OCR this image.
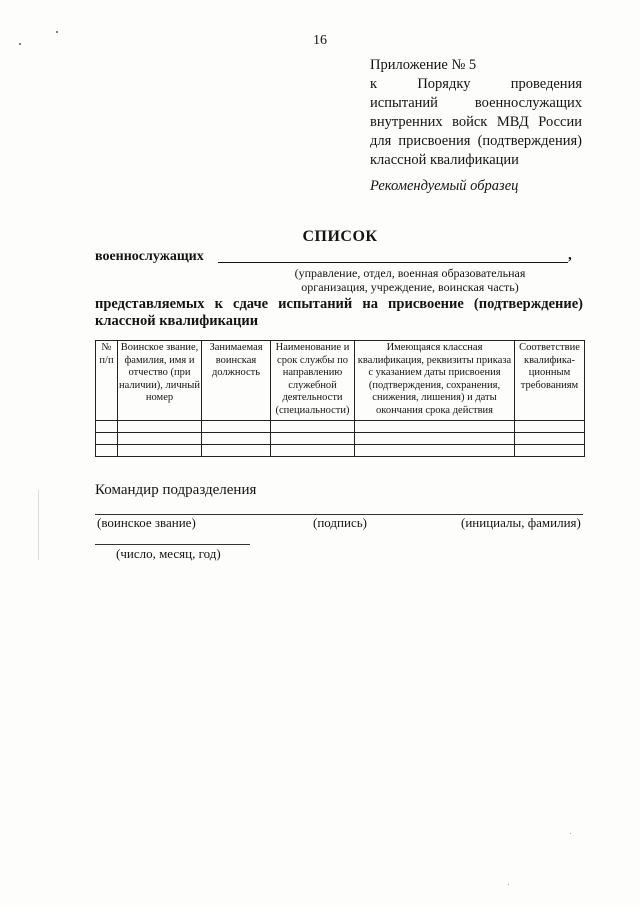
16
Приложение № 5
к Порядку проведения
испытаний военнослужащих
внутренних войск МВД России
для присвоения (подтверждения)
классной квалификации
Рекомендуемый образец
СПИСОК
военнослужащих	,
(управление, отдел, военная образовательная организация, учреждение, воинская часть)
представляемых к сдаче испытаний на присвоение (подтверждение)
классной квалификации
№ п/п	Воинское звание, фамилия, имя и отчество (при наличии), личный номер	Занимаемая воинская должность	Наименование и срок службы по направлению служебной деятельности (специальности)	Имеющаяся классная квалификация, реквизиты приказа с указанием даты присвоения (подтверждения, сохранения, снижения, лишения) и даты окончания срока действия	Соответствие квалифика-ционным требованиям

Командир подразделения
(воинское звание)	(подпись)	(инициалы, фамилия)
(число, месяц, год)
